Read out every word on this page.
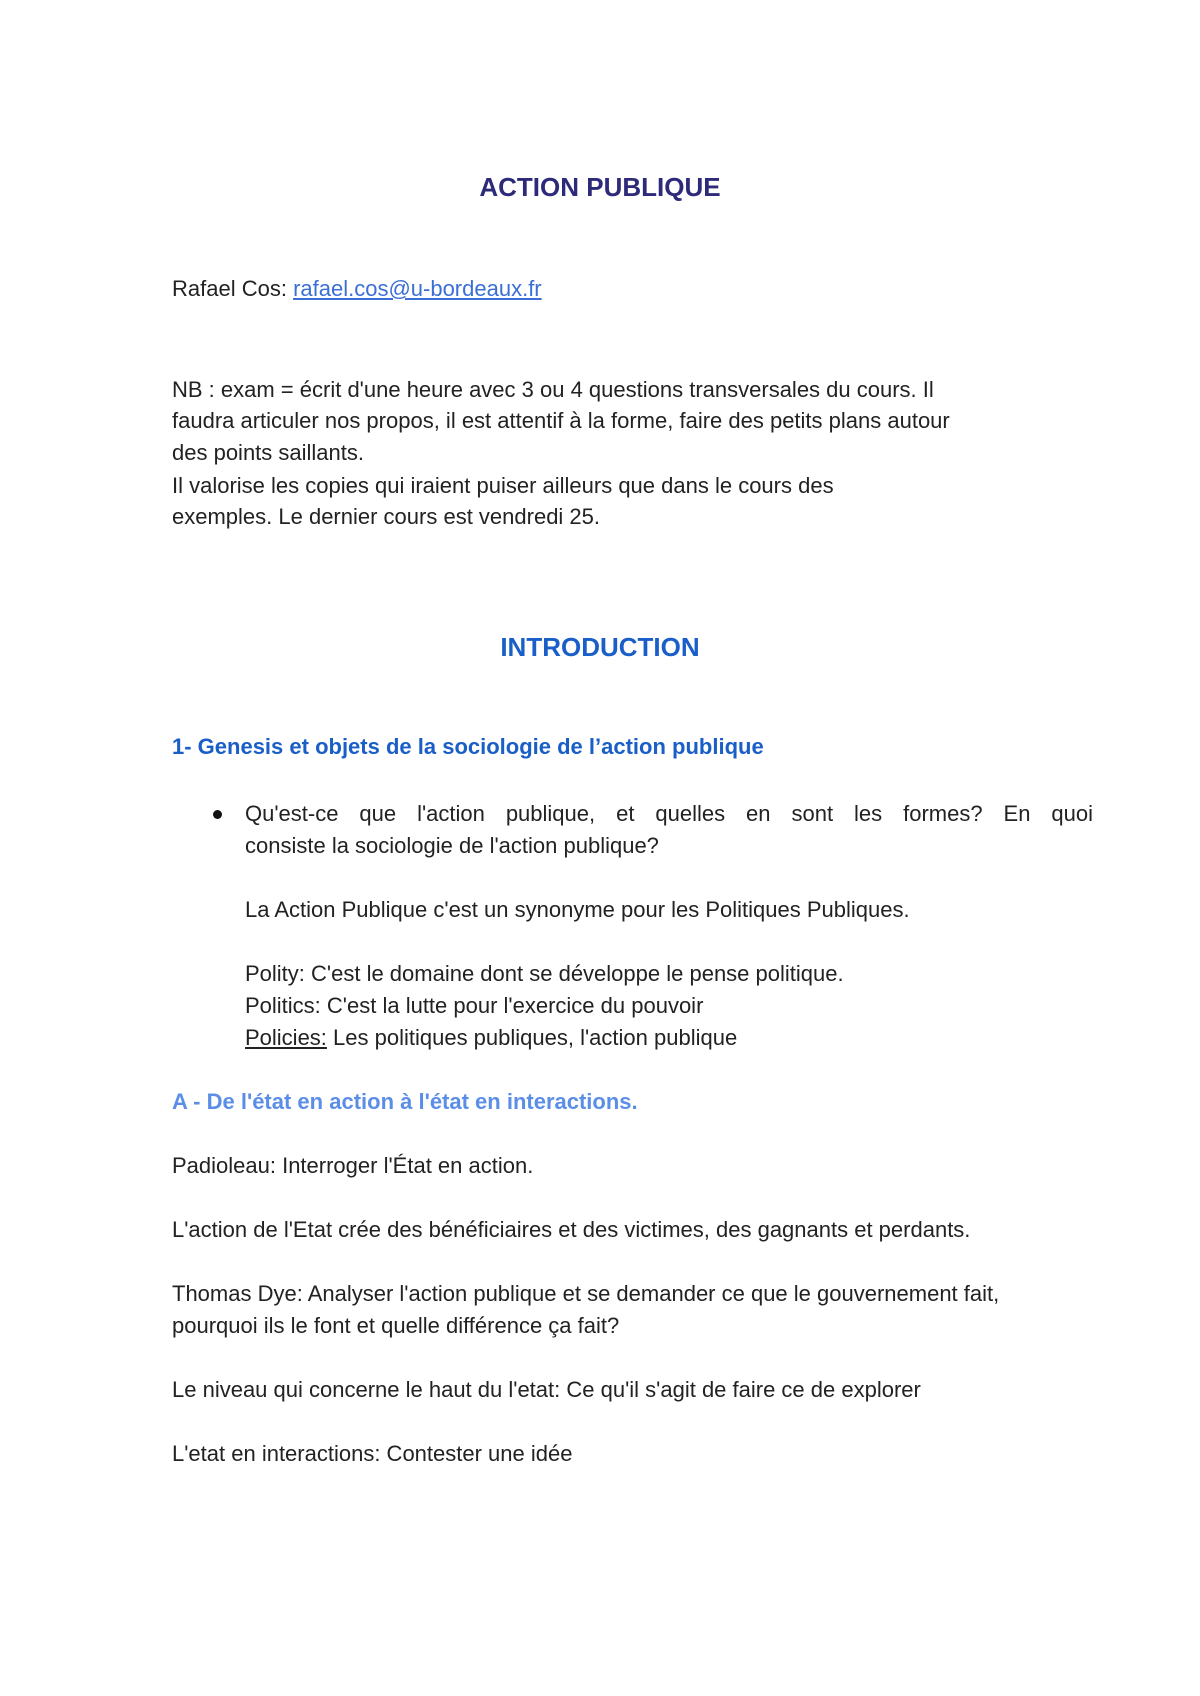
ACTION PUBLIQUE

Rafael Cos: rafael.cos@u-bordeaux.fr

NB : exam = écrit d'une heure avec 3 ou 4 questions transversales du cours. Il

faudra articuler nos propos, il est attentif à la forme, faire des petits plans autour

des points saillants.

Il valorise les copies qui iraient puiser ailleurs que dans le cours des

exemples. Le dernier cours est vendredi 25.

INTRODUCTION
1- Genesis et objets de la sociologie de l’action publique

Qu'est-ce que l'action publique, et quelles en sont les formes? En quoi

consiste la sociologie de l'action publique?

La Action Publique c'est un synonyme pour les Politiques Publiques.

Polity: C'est le domaine dont se développe le pense politique.

Politics: C'est la lutte pour l'exercice du pouvoir

Policies: Les politiques publiques, l'action publique

A - De l'état en action à l'état en interactions.

Padioleau: Interroger l'État en action.

L'action de l'Etat crée des bénéficiaires et des victimes, des gagnants et perdants.

Thomas Dye: Analyser l'action publique et se demander ce que le gouvernement fait,

pourquoi ils le font et quelle différence ça fait?

Le niveau qui concerne le haut du l'etat: Ce qu'il s'agit de faire ce de explorer

L'etat en interactions: Contester une idée
